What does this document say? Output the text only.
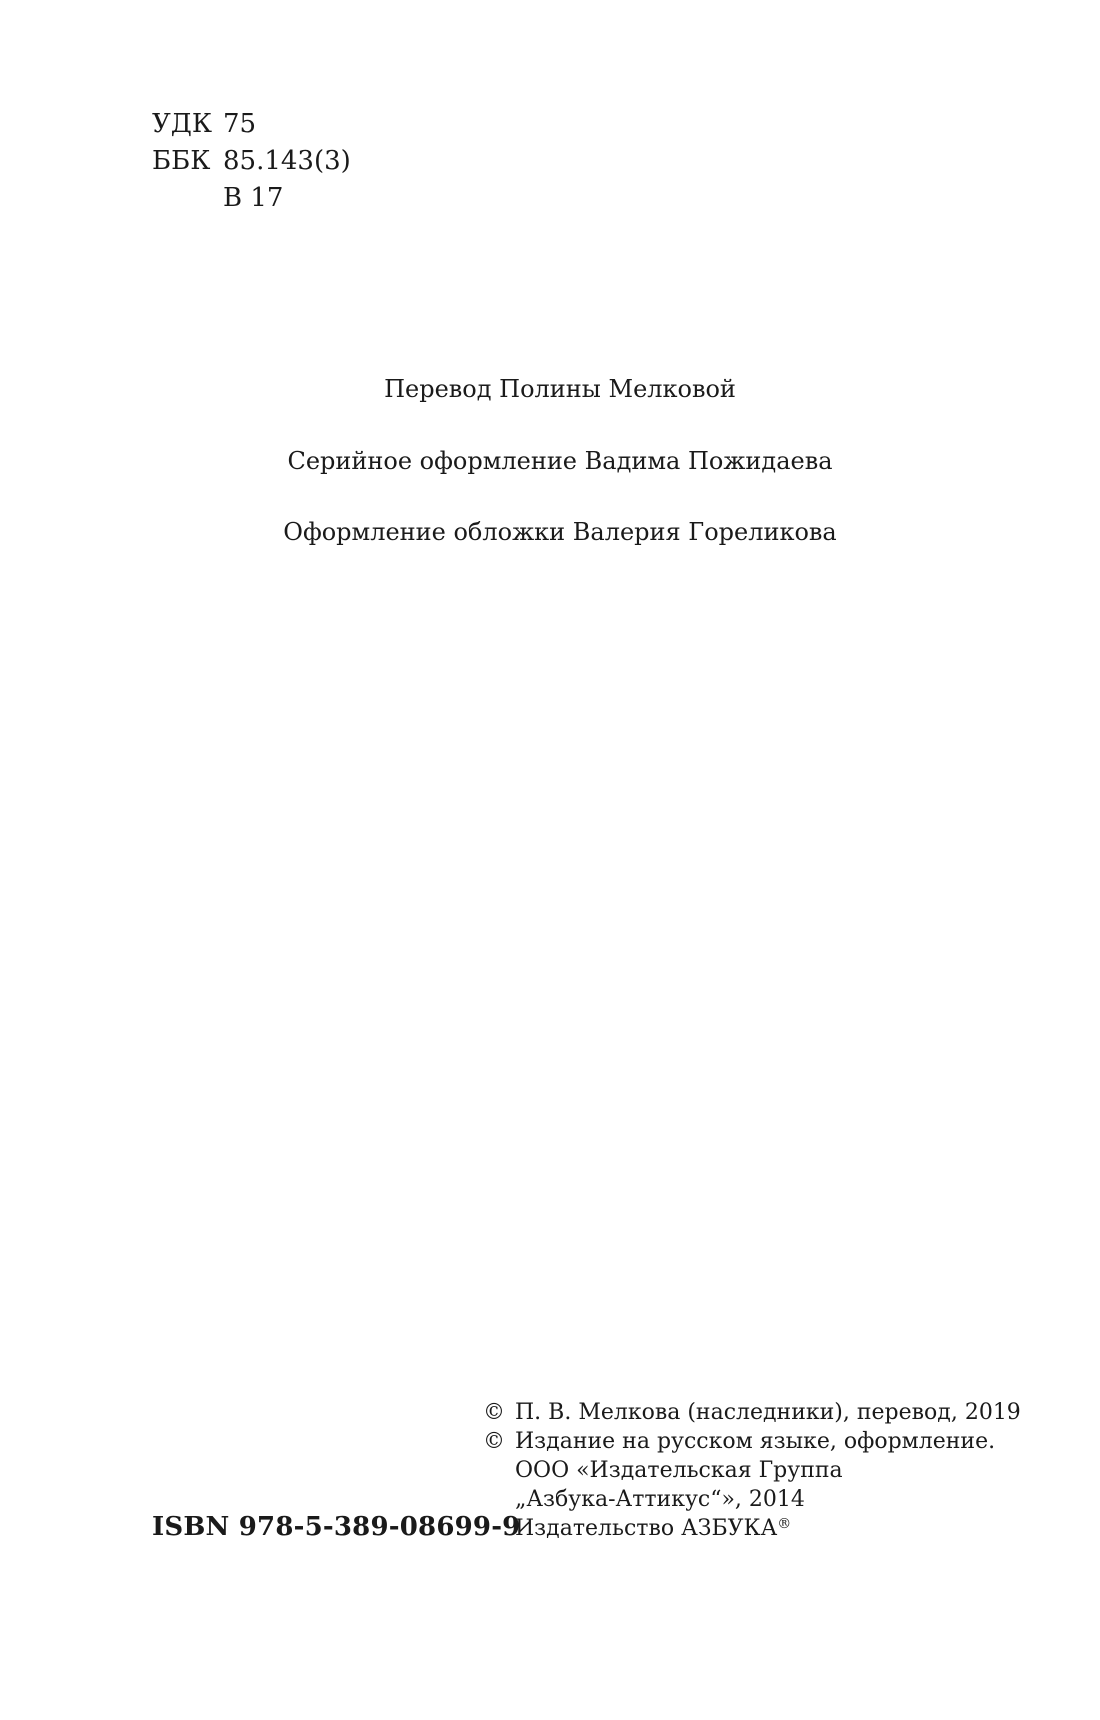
УДК 75
ББК 85.143(3)
В 17
Перевод Полины Мелковой
Серийное оформление Вадима Пожидаева
Оформление обложки Валерия Гореликова
ISBN 978-5-389-08699-9
© П. В. Мелкова (наследники), перевод, 2019
© Издание на русском языке, оформление.
ООО «Издательская Группа
„Азбука-Аттикус“», 2014
Издательство АЗБУКА®
